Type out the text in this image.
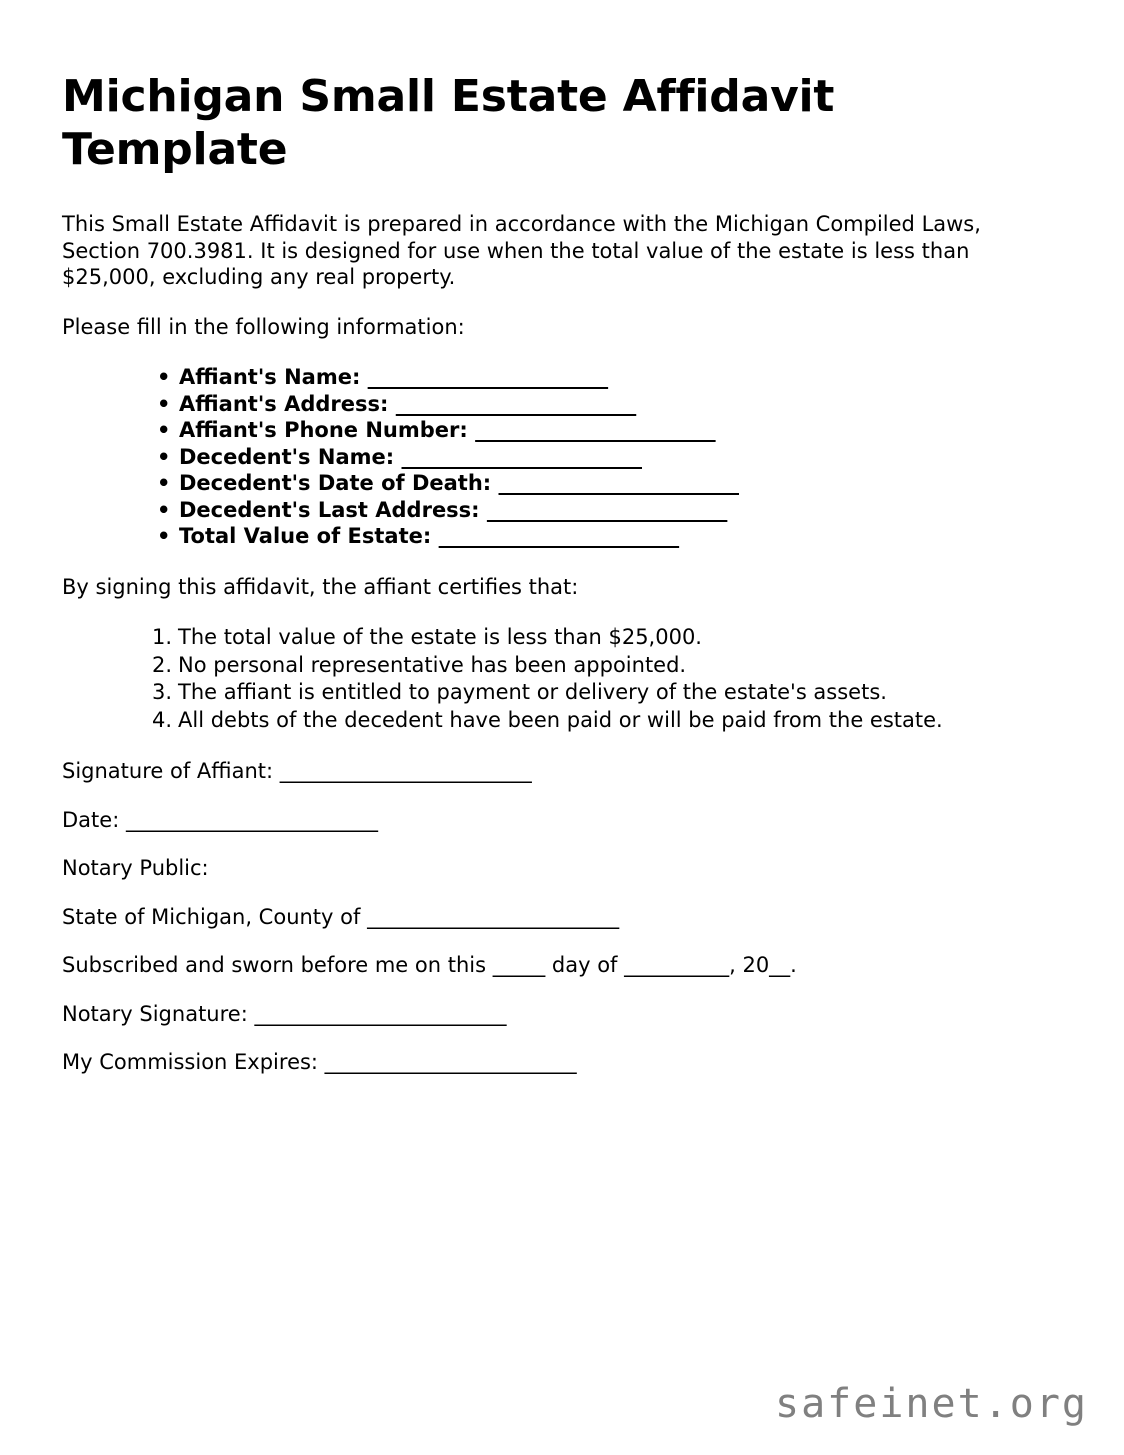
Michigan Small Estate Affidavit Template

This Small Estate Affidavit is prepared in accordance with the Michigan Compiled Laws, Section 700.3981. It is designed for use when the total value of the estate is less than $25,000, excluding any real property.

Please fill in the following information:

• Affiant's Name: ________________________
• Affiant's Address: ________________________
• Affiant's Phone Number: ________________________
• Decedent's Name: ________________________
• Decedent's Date of Death: ________________________
• Decedent's Last Address: ________________________
• Total Value of Estate: ________________________

By signing this affidavit, the affiant certifies that:

The total value of the estate is less than $25,000.
No personal representative has been appointed.
The affiant is entitled to payment or delivery of the estate's assets.
All debts of the decedent have been paid or will be paid from the estate.

Signature of Affiant: ________________________

Date: ________________________

Notary Public:

State of Michigan, County of ________________________

Subscribed and sworn before me on this _____ day of __________, 20__.

Notary Signature: ________________________

My Commission Expires: ________________________

safeinet.org
